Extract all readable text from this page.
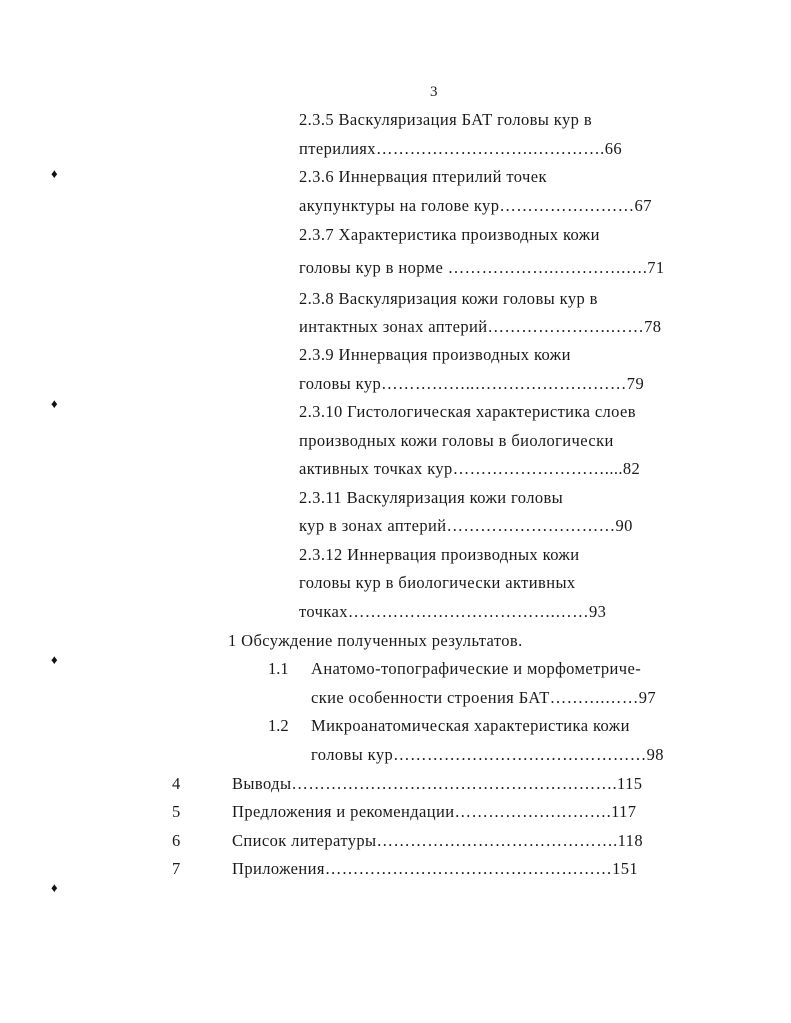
3
♦
♦
♦
♦
2.3.5 Васкуляризация БАТ головы кур в
птерилиях……………………….………….66
2.3.6 Иннервация птерилий точек
акупунктуры на голове кур……………………67
2.3.7 Характеристика производных кожи
головы кур в норме ……………….………….….71
2.3.8 Васкуляризация кожи головы кур в
интактных зонах аптерий………………….……78
2.3.9 Иннервация производных кожи
головы кур……………..………………………79
2.3.10 Гистологическая характеристика слоев
производных кожи головы в биологически
активных точках кур………………………....82
2.3.11 Васкуляризация кожи головы
кур в зонах аптерий…………………………90
2.3.12 Иннервация производных кожи
головы кур в биологически активных
точках……………………………….……93
1 Обсуждение полученных результатов.
1.1 Анатомо-топографические и морфометриче-
ские особенности строения БАТ……….……97
1.2 Микроанатомическая характеристика кожи
головы кур………………………………………98
4	Выводы………………………………………………….115
5	Предложения и рекомендации……………………….117
6	Список литературы…………………………………….118
7	Приложения……………………………………………151
